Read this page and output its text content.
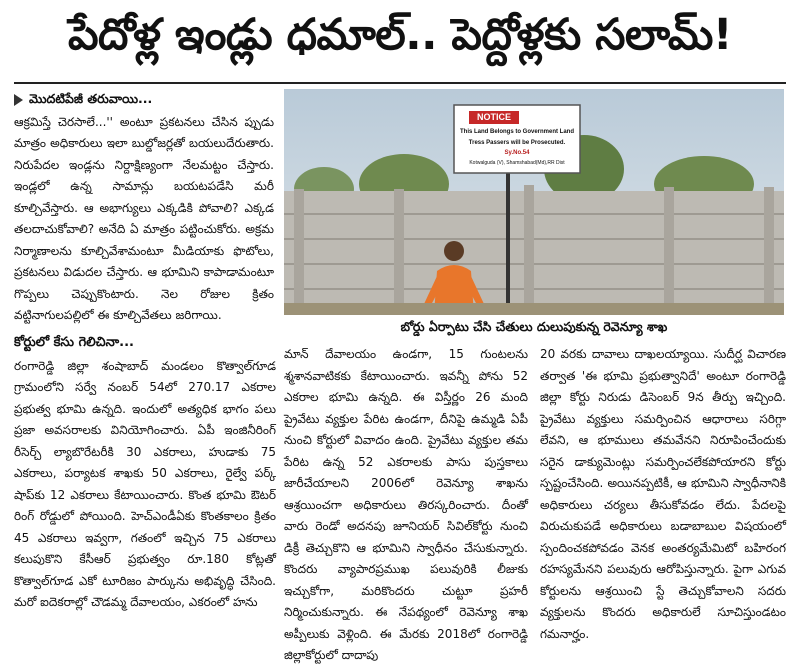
పేదోళ్ల ఇండ్లు ధమాల్‌.. పెద్దోళ్లకు సలామ్‌!
మొదటిపేజీ తరువాయి...

ఆక్రమిస్తే చెరసాలే...'' అంటూ ప్రకటనలు చేసిన ప్పుడు మాత్రం అధికారులు ఇలా బుల్డోజర్లతో బయలుదేరుతారు. నిరుపేదల ఇండ్లను నిర్దాక్షిణ్యంగా నేలమట్టం చేస్తారు. ఇండ్లలో ఉన్న సామాన్లు బయటపడేసి మరీ కూల్చివేస్తారు. ఆ అభాగ్యులు ఎక్కడికి పోవాలి? ఎక్కడ తలదాచుకోవాలి? అనేది ఏ మాత్రం పట్టించుకోరు. అక్రమ నిర్మాణాలను కూల్చివేశామంటూ మీడియాకు ఫొటోలు, ప్రకటనలు విడుదల చేస్తారు. ఆ భూమిని కాపాడామంటూ గొప్పలు చెప్పుకొంటారు. నెల రోజుల క్రితం వట్టినాగులపల్లిలో ఈ కూల్చివేతలు జరిగాయి.

NOTICE
This Land Belongs to Government Land
Tress Passers will be Prosecuted.
Sy.No.54
Kotwalguda (V), Shamshabad(Md),RR Dist
బోర్డు ఏర్పాటు చేసి చేతులు దులుపుకున్న రెవెన్యూ శాఖ
కోర్టులో కేసు గెలిచినా...

రంగారెడ్డి జిల్లా శంషాబాద్‌ మండలం కొత్వాల్‌గూడ గ్రామంలోని సర్వే నంబర్‌ 54లో 270.17 ఎకరాల ప్రభుత్వ భూమి ఉన్నది. ఇందులో అత్యధిక భాగం పలు ప్రజా అవసరాలకు వినియోగించారు. ఏపీ ఇంజినీరింగ్‌ రీసెర్చ్‌ ల్యాబొరేటరీకి 30 ఎకరాలు, హుడాకు 75 ఎకరాలు, పర్యాటక శాఖకు 50 ఎకరాలు, రైల్వే పర్క్‌ షాప్‌కు 12 ఎకరాలు కేటాయించారు. కొంత భూమి ఔటర్‌ రింగ్‌ రోడ్డులో పోయింది. హెచ్‌ఎండీఏకు కొంతకాలం క్రితం 45 ఎకరాలు ఇవ్వగా, గతంలో ఇచ్చిన 75 ఎకరాలు కలుపుకొని కేసీఆర్‌ ప్రభుత్వం రూ.180 కోట్లతో కొత్వాల్‌గూడ ఎకో టూరిజం పార్కును అభివృద్ధి చేసింది. మరో ఐదెకరాల్లో చౌడమ్మ దేవాలయం, ఎకరంలో హను

మాన్‌ దేవాలయం ఉండగా, 15 గుంటలను శ్మశానవాటికకు కేటాయించారు. ఇవన్నీ పోను 52 ఎకరాల భూమి ఉన్నది. ఈ విస్తీర్ణం 26 మంది ప్రైవేటు వ్యక్తుల పేరిట ఉండగా, దీనిపై ఉమ్మడి ఏపీ నుంచి కోర్టులో వివాదం ఉంది. ప్రైవేటు వ్యక్తుల తమ పేరిట ఉన్న 52 ఎకరాలకు పాసు పుస్తకాలు జారీచేయాలని 2006లో రెవెన్యూ శాఖను ఆశ్రయించగా అధికారులు తిరస్కరించారు. దీంతో వారు రెండో అదనపు జూనియర్‌ సివిల్‌కోర్టు నుంచి డిక్రీ తెచ్చుకొని ఆ భూమిని స్వాధీనం చేసుకున్నారు. కొందరు వ్యాపారప్రముఖ పలువురికి లీజుకు ఇచ్చుకోగా, మరికొందరు చుట్టూ ప్రహరీ నిర్మించుకున్నారు. ఈ నేపథ్యంలో రెవెన్యూ శాఖ అప్పీలుకు వెళ్లింది. ఈ మేరకు 2018లో రంగారెడ్డి జిల్లాకోర్టులో దాదాపు

20 వరకు దావాలు దాఖలయ్యాయి. సుదీర్ఘ విచారణ తర్వాత 'ఈ భూమి ప్రభుత్వానిదే' అంటూ రంగారెడ్డి జిల్లా కోర్టు నిరుడు డిసెంబర్‌ 9న తీర్పు ఇచ్చింది. ప్రైవేటు వ్యక్తులు సమర్పించిన ఆధారాలు సరిగ్గా లేవని, ఆ భూములు తమవేనని నిరూపించేందుకు సరైన డాక్యుమెంట్లు సమర్పించలేకపోయారని కోర్టు స్పష్టంచేసింది. అయినప్పటికీ, ఆ భూమిని స్వాధీనానికి అధికారులు చర్యలు తీసుకోవడం లేదు. పేదలపై విరుచుకుపడే అధికారులు బడాబాబుల విషయంలో స్పందించకపోవడం వెనక అంతర్యమేమిటో బహిరంగ రహస్యమేనని పలువురు ఆరోపిస్తున్నారు. పైగా ఎగువ కోర్టులను ఆశ్రయించి స్టే తెచ్చుకోవాలని సదరు వ్యక్తులను కొందరు అధికారులే సూచిస్తుండటం గమనార్హం.
